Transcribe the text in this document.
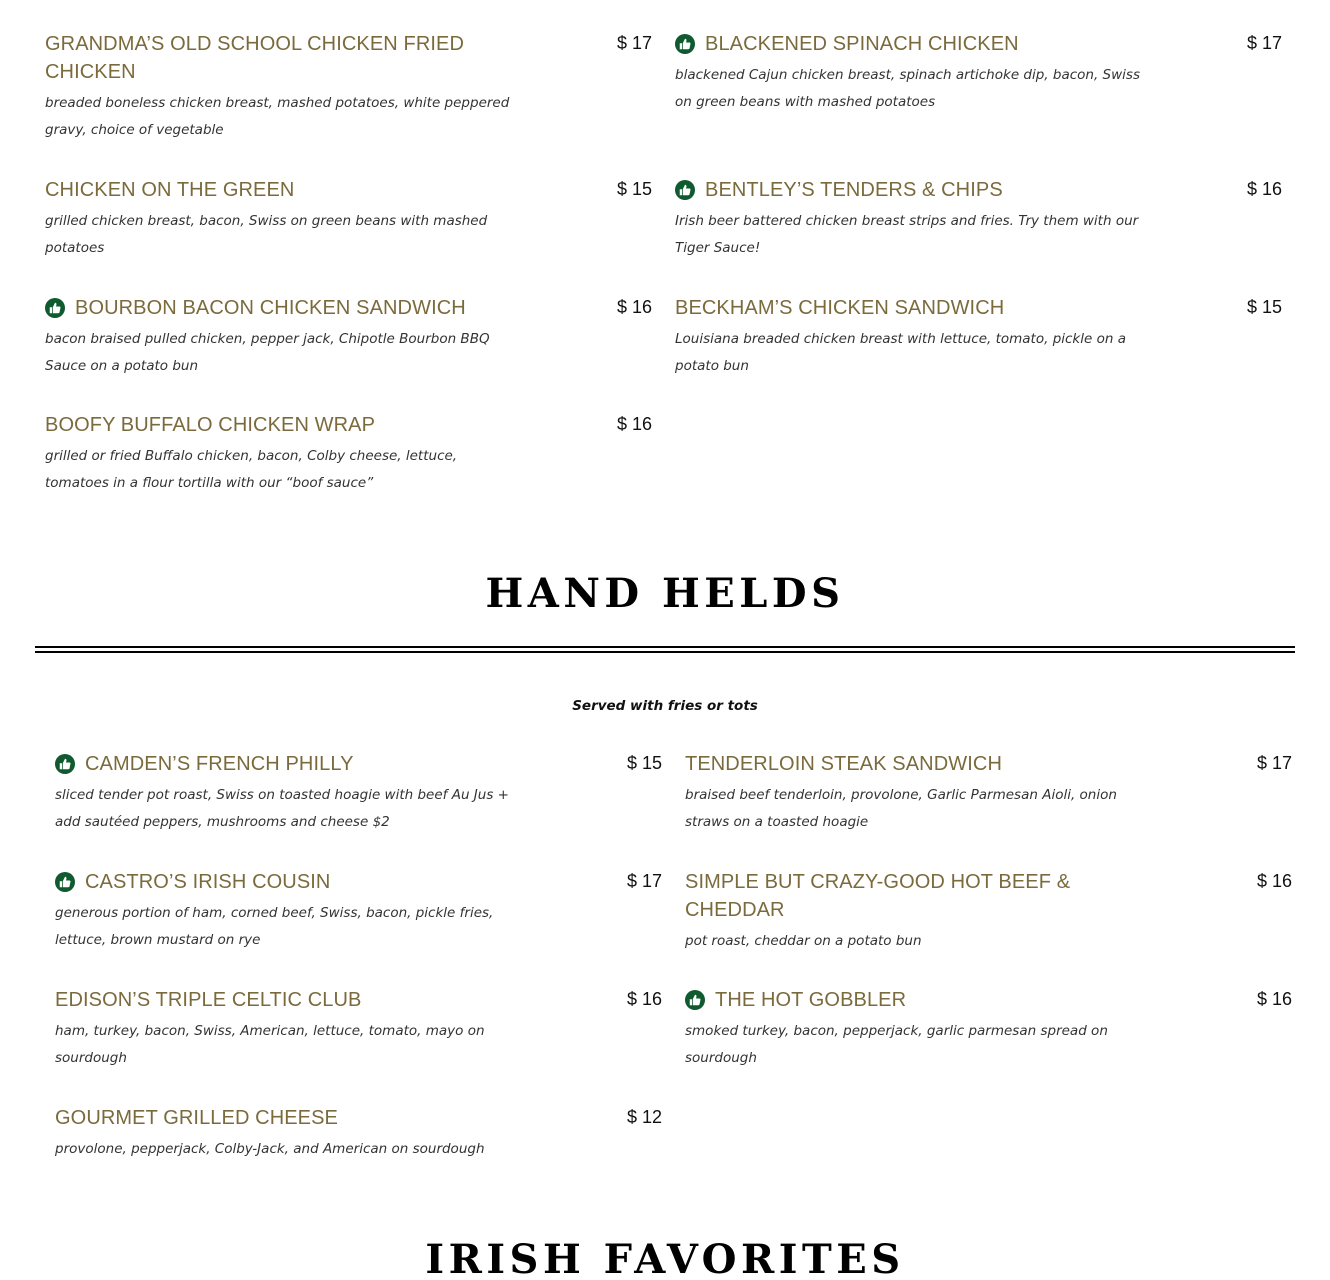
GRANDMA’S OLD SCHOOL CHICKEN FRIED CHICKEN
$ 17
breaded boneless chicken breast, mashed potatoes, white peppered gravy, choice of vegetable
CHICKEN ON THE GREEN	$ 15
grilled chicken breast, bacon, Swiss on green beans with mashed potatoes
BOURBON BACON CHICKEN SANDWICH	$ 16
bacon braised pulled chicken, pepper jack, Chipotle Bourbon BBQ Sauce on a potato bun
BOOFY BUFFALO CHICKEN WRAP	$ 16
grilled or fried Buffalo chicken, bacon, Colby cheese, lettuce, tomatoes in a flour tortilla with our “boof sauce”
BLACKENED SPINACH CHICKEN	$ 17
blackened Cajun chicken breast, spinach artichoke dip, bacon, Swiss on green beans with mashed potatoes
BENTLEY’S TENDERS & CHIPS	$ 16
Irish beer battered chicken breast strips and fries. Try them with our Tiger Sauce!
BECKHAM’S CHICKEN SANDWICH	$ 15
Louisiana breaded chicken breast with lettuce, tomato, pickle on a potato bun
HAND HELDS
Served with fries or tots
CAMDEN’S FRENCH PHILLY	$ 15
sliced tender pot roast, Swiss on toasted hoagie with beef Au Jus + add sautéed peppers, mushrooms and cheese $2
CASTRO’S IRISH COUSIN	$ 17
generous portion of ham, corned beef, Swiss, bacon, pickle fries, lettuce, brown mustard on rye
EDISON’S TRIPLE CELTIC CLUB	$ 16
ham, turkey, bacon, Swiss, American, lettuce, tomato, mayo on sourdough
GOURMET GRILLED CHEESE	$ 12
provolone, pepperjack, Colby-Jack, and American on sourdough
TENDERLOIN STEAK SANDWICH	$ 17
braised beef tenderloin, provolone, Garlic Parmesan Aioli, onion straws on a toasted hoagie
SIMPLE BUT CRAZY-GOOD HOT BEEF & CHEDDAR
$ 16
pot roast, cheddar on a potato bun
THE HOT GOBBLER	$ 16
smoked turkey, bacon, pepperjack, garlic parmesan spread on sourdough
IRISH FAVORITES
